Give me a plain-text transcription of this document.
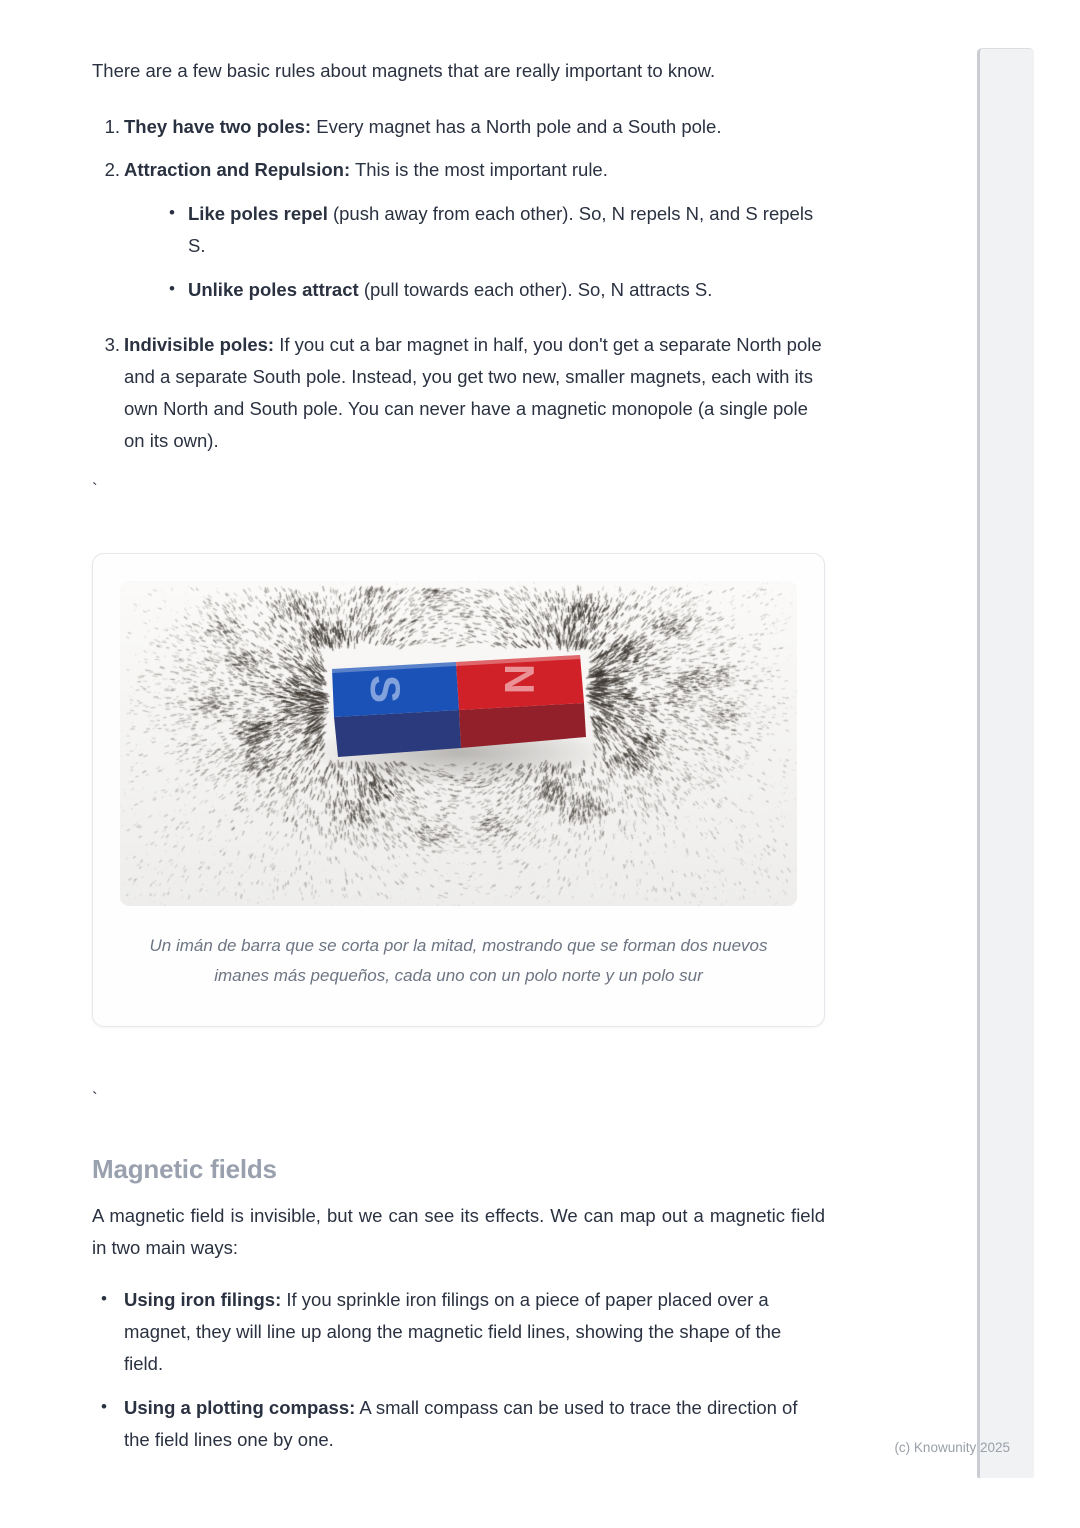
There are a few basic rules about magnets that are really important to know.

1. They have two poles: Every magnet has a North pole and a South pole.
2. Attraction and Repulsion: This is the most important rule.
• Like poles repel (push away from each other). So, N repels N, and S repels S.
• Unlike poles attract (pull towards each other). So, N attracts S.
3. Indivisible poles: If you cut a bar magnet in half, you don't get a separate North pole and a separate South pole. Instead, you get two new, smaller magnets, each with its own North and South pole. You can never have a magnetic monopole (a single pole on its own).
`
S N
Un imán de barra que se corta por la mitad, mostrando que se forman dos nuevos imanes más pequeños, cada uno con un polo norte y un polo sur
`
Magnetic fields

A magnetic field is invisible, but we can see its effects. We can map out a magnetic field in two main ways:

• Using iron filings: If you sprinkle iron filings on a piece of paper placed over a magnet, they will line up along the magnetic field lines, showing the shape of the field.
• Using a plotting compass: A small compass can be used to trace the direction of the field lines one by one.	(c) Knowunity 2025
